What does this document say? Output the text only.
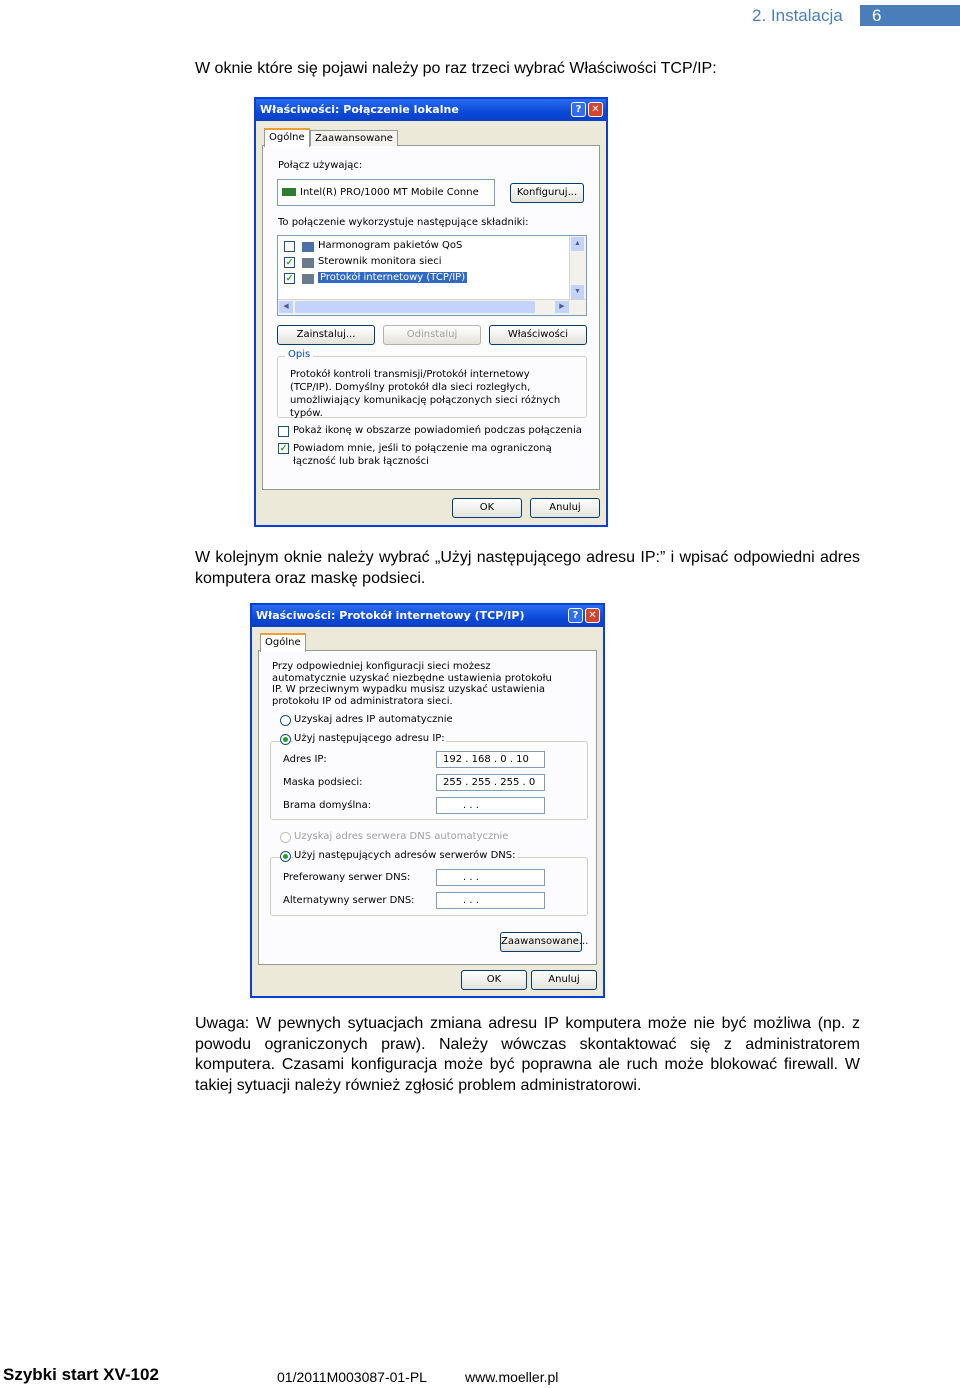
2. Instalacja 6
W oknie które się pojawi należy po raz trzeci wybrać Właściwości TCP/IP:
Właściwości: Połączenie lokalne	? ✕
Ogólne	Zaawansowane
Połącz używając:
Intel(R) PRO/1000 MT Mobile Conne	Konfiguruj...
To połączenie wykorzystuje następujące składniki:
Harmonogram pakietów QoS
✓ Sterownik monitora sieci
✓	Protokół internetowy (TCP/IP)
▲
▼
◀	▶
Zainstaluj...	Odinstaluj	Właściwości
Opis
Protokół kontroli transmisji/Protokół internetowy (TCP/IP). Domyślny protokół dla sieci rozległych, umożliwiający komunikację połączonych sieci różnych typów.
Pokaż ikonę w obszarze powiadomień podczas połączenia
✓ Powiadom mnie, jeśli to połączenie ma ograniczoną łączność lub brak łączności
OK	Anuluj
W kolejnym oknie należy wybrać „Użyj następującego adresu IP:” i wpisać odpowiedni adres komputera oraz maskę podsieci.
Właściwości: Protokół internetowy (TCP/IP)	? ✕
Ogólne
Przy odpowiedniej konfiguracji sieci możesz automatycznie uzyskać niezbędne ustawienia protokołu IP. W przeciwnym wypadku musisz uzyskać ustawienia protokołu IP od administratora sieci.
Uzyskaj adres IP automatycznie
Użyj następującego adresu IP:
Adres IP:	192 . 168 . 0 . 10
Maska podsieci:	255 . 255 . 255 . 0
Brama domyślna:	. . .
Uzyskaj adres serwera DNS automatycznie
Użyj następujących adresów serwerów DNS:
Preferowany serwer DNS:	. . .
Alternatywny serwer DNS:	. . .
Zaawansowane...
OK	Anuluj
Uwaga: W pewnych sytuacjach zmiana adresu IP komputera może nie być możliwa (np. z powodu ograniczonych praw). Należy wówczas skontaktować się z administratorem komputera. Czasami konfiguracja może być poprawna ale ruch może blokować firewall. W takiej sytuacji należy również zgłosić problem administratorowi.
Szybki start XV-102	01/2011M003087-01-PL	www.moeller.pl
